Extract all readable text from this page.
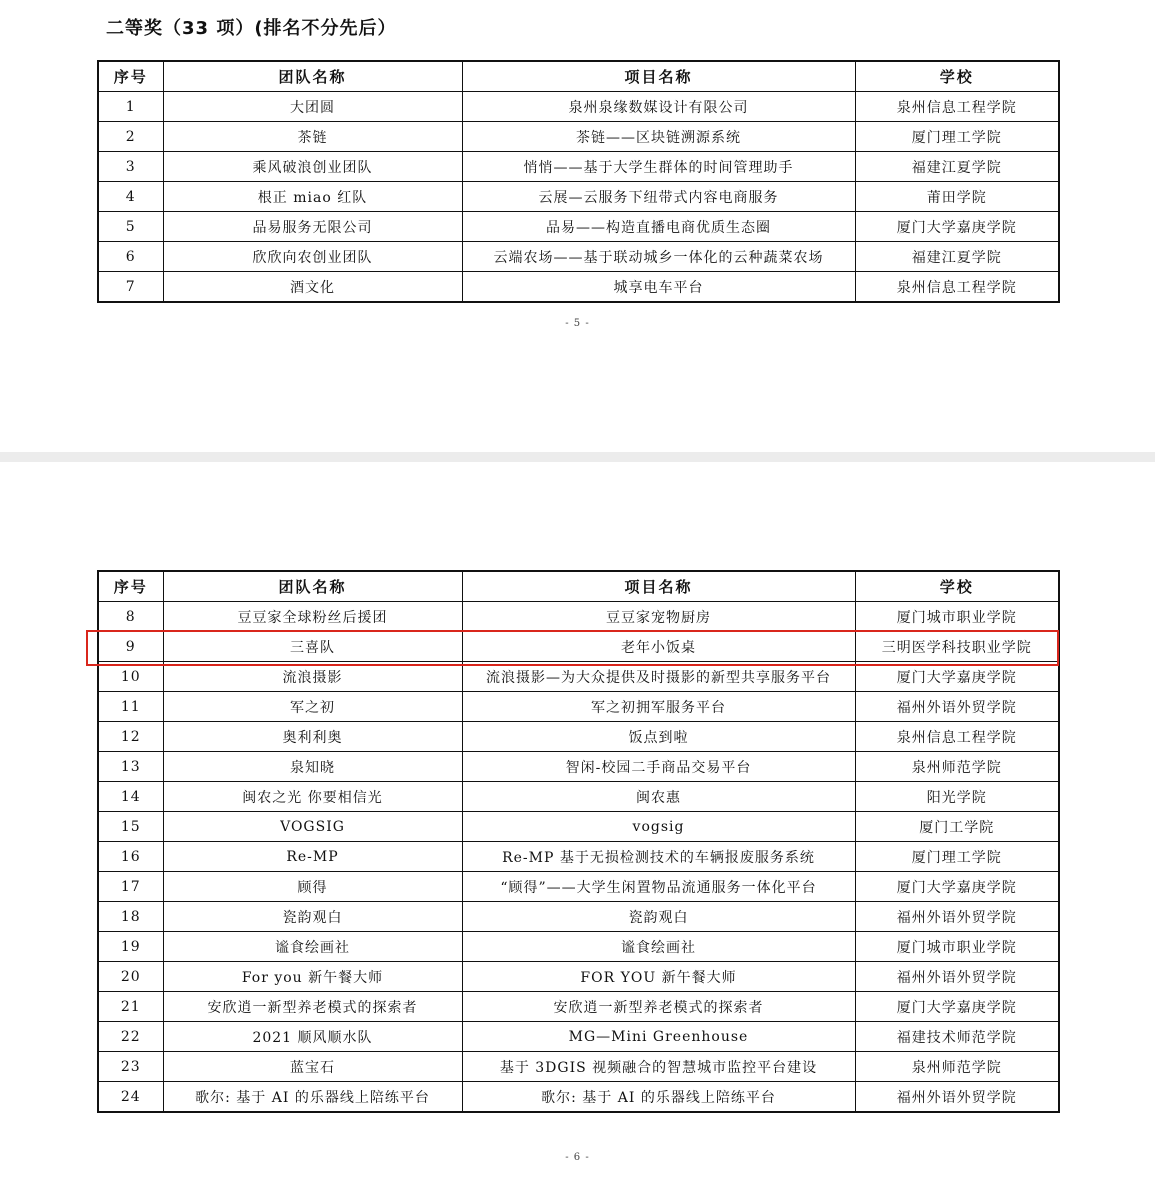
二等奖（33 项）(排名不分先后）
序号	团队名称	项目名称	学校
1	大团圆	泉州泉缘数媒设计有限公司	泉州信息工程学院
2	茶链	茶链——区块链溯源系统	厦门理工学院
3	乘风破浪创业团队	悄悄——基于大学生群体的时间管理助手	福建江夏学院
4	根正 miao 红队	云展—云服务下纽带式内容电商服务	莆田学院
5	品易服务无限公司	品易——构造直播电商优质生态圈	厦门大学嘉庚学院
6	欣欣向农创业团队	云端农场——基于联动城乡一体化的云种蔬菜农场	福建江夏学院
7	酒文化	城享电车平台	泉州信息工程学院
- 5 -
序号	团队名称	项目名称	学校
8	豆豆家全球粉丝后援团	豆豆家宠物厨房	厦门城市职业学院
9	三喜队	老年小饭桌	三明医学科技职业学院
10	流浪摄影	流浪摄影—为大众提供及时摄影的新型共享服务平台	厦门大学嘉庚学院
11	军之初	军之初拥军服务平台	福州外语外贸学院
12	奥利利奥	饭点到啦	泉州信息工程学院
13	泉知晓	智闲-校园二手商品交易平台	泉州师范学院
14	闽农之光 你要相信光	闽农惠	阳光学院
15	VOGSIG	vogsig	厦门工学院
16	Re-MP	Re-MP 基于无损检测技术的车辆报废服务系统	厦门理工学院
17	顾得	“顾得”——大学生闲置物品流通服务一体化平台	厦门大学嘉庚学院
18	瓷韵观白	瓷韵观白	福州外语外贸学院
19	谧食绘画社	谧食绘画社	厦门城市职业学院
20	For you 新午餐大师	FOR YOU 新午餐大师	福州外语外贸学院
21	安欣逍一新型养老模式的探索者	安欣逍一新型养老模式的探索者	厦门大学嘉庚学院
22	2021 顺风顺水队	MG—Mini Greenhouse	福建技术师范学院
23	蓝宝石	基于 3DGIS 视频融合的智慧城市监控平台建设	泉州师范学院
24	歌尔: 基于 AI 的乐器线上陪练平台	歌尔: 基于 AI 的乐器线上陪练平台	福州外语外贸学院
- 6 -
